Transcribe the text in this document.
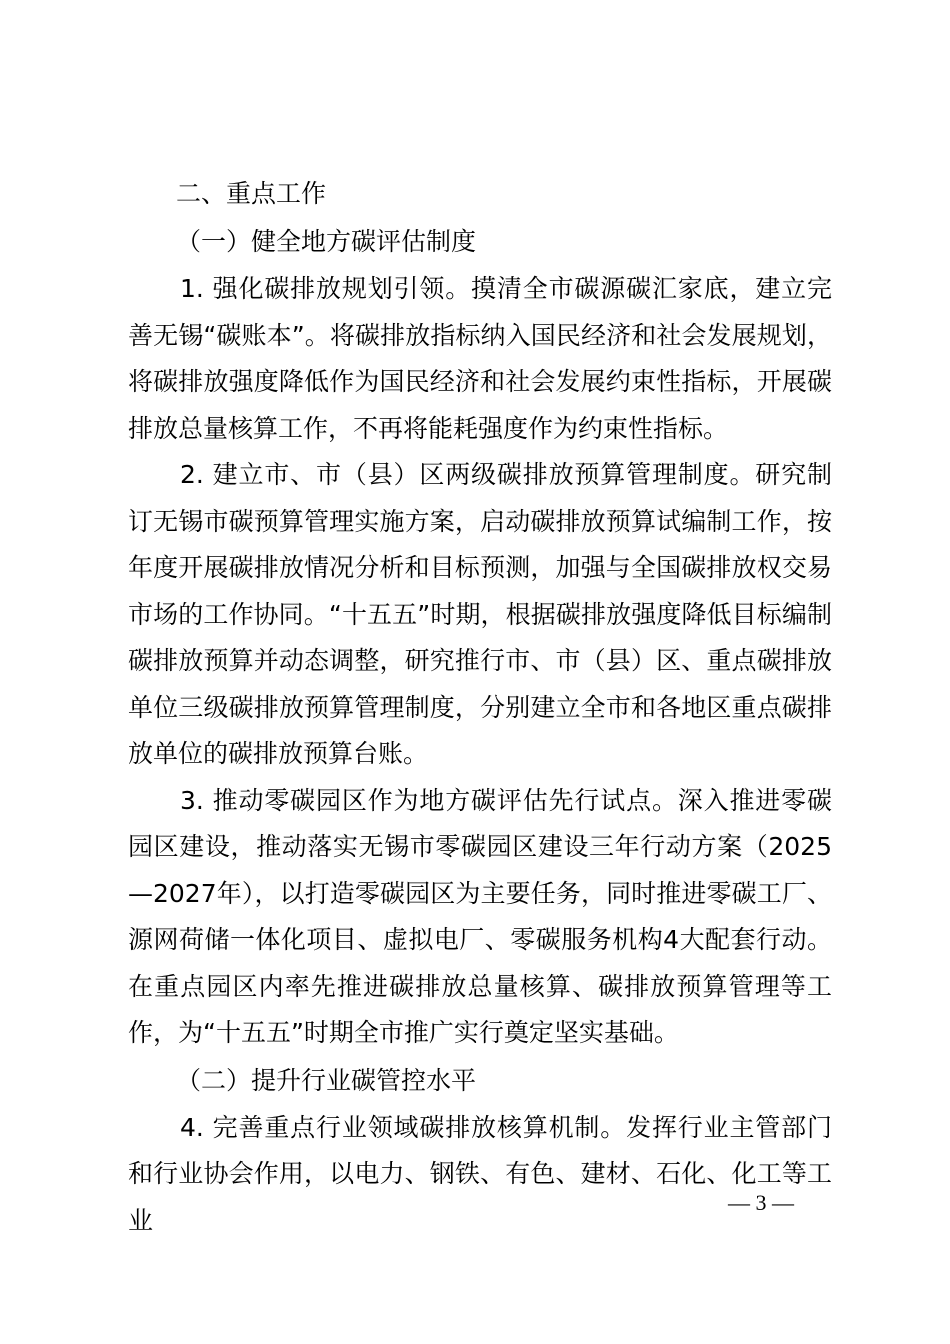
二、重点工作
（一）健全地方碳评估制度

1. 强化碳排放规划引领。摸清全市碳源碳汇家底，建立完善无锡“碳账本”。将碳排放指标纳入国民经济和社会发展规划，将碳排放强度降低作为国民经济和社会发展约束性指标，开展碳排放总量核算工作，不再将能耗强度作为约束性指标。

2. 建立市、市（县）区两级碳排放预算管理制度。研究制订无锡市碳预算管理实施方案，启动碳排放预算试编制工作，按年度开展碳排放情况分析和目标预测，加强与全国碳排放权交易市场的工作协同。“十五五”时期，根据碳排放强度降低目标编制碳排放预算并动态调整，研究推行市、市（县）区、重点碳排放单位三级碳排放预算管理制度，分别建立全市和各地区重点碳排放单位的碳排放预算台账。

3. 推动零碳园区作为地方碳评估先行试点。深入推进零碳园区建设，推动落实无锡市零碳园区建设三年行动方案（2025—2027年），以打造零碳园区为主要任务，同时推进零碳工厂、源网荷储一体化项目、虚拟电厂、零碳服务机构4大配套行动。在重点园区内率先推进碳排放总量核算、碳排放预算管理等工作，为“十五五”时期全市推广实行奠定坚实基础。

（二）提升行业碳管控水平

4. 完善重点行业领域碳排放核算机制。发挥行业主管部门和行业协会作用，以电力、钢铁、有色、建材、石化、化工等工业

— 3 —
